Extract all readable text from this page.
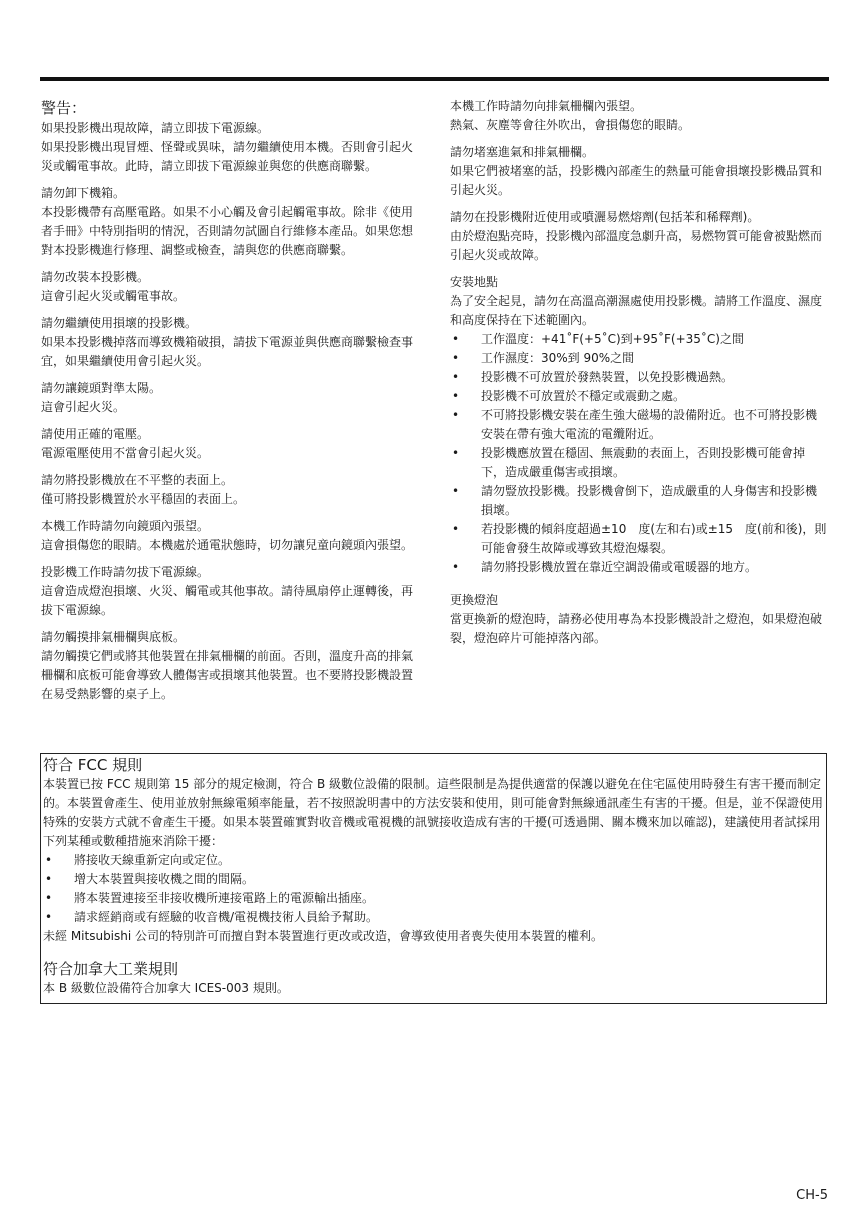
警告：

如果投影機出現故障，請立即拔下電源線。

如果投影機出現冒煙、怪聲或異味，請勿繼續使用本機。否則會引起火災或觸電事故。此時，請立即拔下電源線並與您的供應商聯繫。

請勿卸下機箱。

本投影機帶有高壓電路。如果不小心觸及會引起觸電事故。除非《使用者手冊》中特別指明的情況，否則請勿試圖自行維修本產品。如果您想對本投影機進行修理、調整或檢查，請與您的供應商聯繫。

請勿改裝本投影機。

這會引起火災或觸電事故。

請勿繼續使用損壞的投影機。

如果本投影機掉落而導致機箱破損，請拔下電源並與供應商聯繫檢查事宜，如果繼續使用會引起火災。

請勿讓鏡頭對準太陽。

這會引起火災。

請使用正確的電壓。

電源電壓使用不當會引起火災。

請勿將投影機放在不平整的表面上。

僅可將投影機置於水平穩固的表面上。

本機工作時請勿向鏡頭內張望。

這會損傷您的眼睛。本機處於通電狀態時，切勿讓兒童向鏡頭內張望。

投影機工作時請勿拔下電源線。

這會造成燈泡損壞、火災、觸電或其他事故。請待風扇停止運轉後，再拔下電源線。

請勿觸摸排氣柵欄與底板。

請勿觸摸它們或將其他裝置在排氣柵欄的前面。否則，溫度升高的排氣柵欄和底板可能會導致人體傷害或損壞其他裝置。也不要將投影機設置在易受熱影響的桌子上。

本機工作時請勿向排氣柵欄內張望。

熱氣、灰塵等會往外吹出，會損傷您的眼睛。

請勿堵塞進氣和排氣柵欄。

如果它們被堵塞的話，投影機內部產生的熱量可能會損壞投影機品質和引起火災。

請勿在投影機附近使用或噴灑易燃熔劑(包括苯和稀釋劑)。

由於燈泡點亮時，投影機內部溫度急劇升高，易燃物質可能會被點燃而引起火災或故障。

安裝地點

為了安全起見，請勿在高溫高潮濕處使用投影機。請將工作溫度、濕度和高度保持在下述範圍內。

• 工作溫度：+41˚F(+5˚C)到+95˚F(+35˚C)之間
• 工作濕度：30%到 90%之間
• 投影機不可放置於發熱裝置，以免投影機過熱。
• 投影機不可放置於不穩定或震動之處。
• 不可將投影機安裝在產生強大磁場的設備附近。也不可將投影機安裝在帶有強大電流的電纜附近。
• 投影機應放置在穩固、無震動的表面上，否則投影機可能會掉下，造成嚴重傷害或損壞。
• 請勿豎放投影機。投影機會倒下，造成嚴重的人身傷害和投影機損壞。
• 若投影機的傾斜度超過±10　度(左和右)或±15　度(前和後)，則可能會發生故障或導致其燈泡爆裂。
• 請勿將投影機放置在靠近空調設備或電暖器的地方。

更換燈泡

當更換新的燈泡時，請務必使用專為本投影機設計之燈泡，如果燈泡破裂，燈泡碎片可能掉落內部。

符合 FCC 規則

本裝置已按 FCC 規則第 15 部分的規定檢測，符合 B 級數位設備的限制。這些限制是為提供適當的保護以避免在住宅區使用時發生有害干擾而制定的。本裝置會產生、使用並放射無線電頻率能量，若不按照說明書中的方法安裝和使用，則可能會對無線通訊產生有害的干擾。但是，並不保證使用特殊的安裝方式就不會產生干擾。如果本裝置確實對收音機或電視機的訊號接收造成有害的干擾(可透過開、關本機來加以確認)，建議使用者試採用下列某種或數種措施來消除干擾：

• 將接收天線重新定向或定位。
• 增大本裝置與接收機之間的間隔。
• 將本裝置連接至非接收機所連接電路上的電源輸出插座。
• 請求經銷商或有經驗的收音機/電視機技術人員給予幫助。

未經 Mitsubishi 公司的特別許可而擅自對本裝置進行更改或改造，會導致使用者喪失使用本裝置的權利。

符合加拿大工業規則

本 B 級數位設備符合加拿大 ICES-003 規則。

CH-5
